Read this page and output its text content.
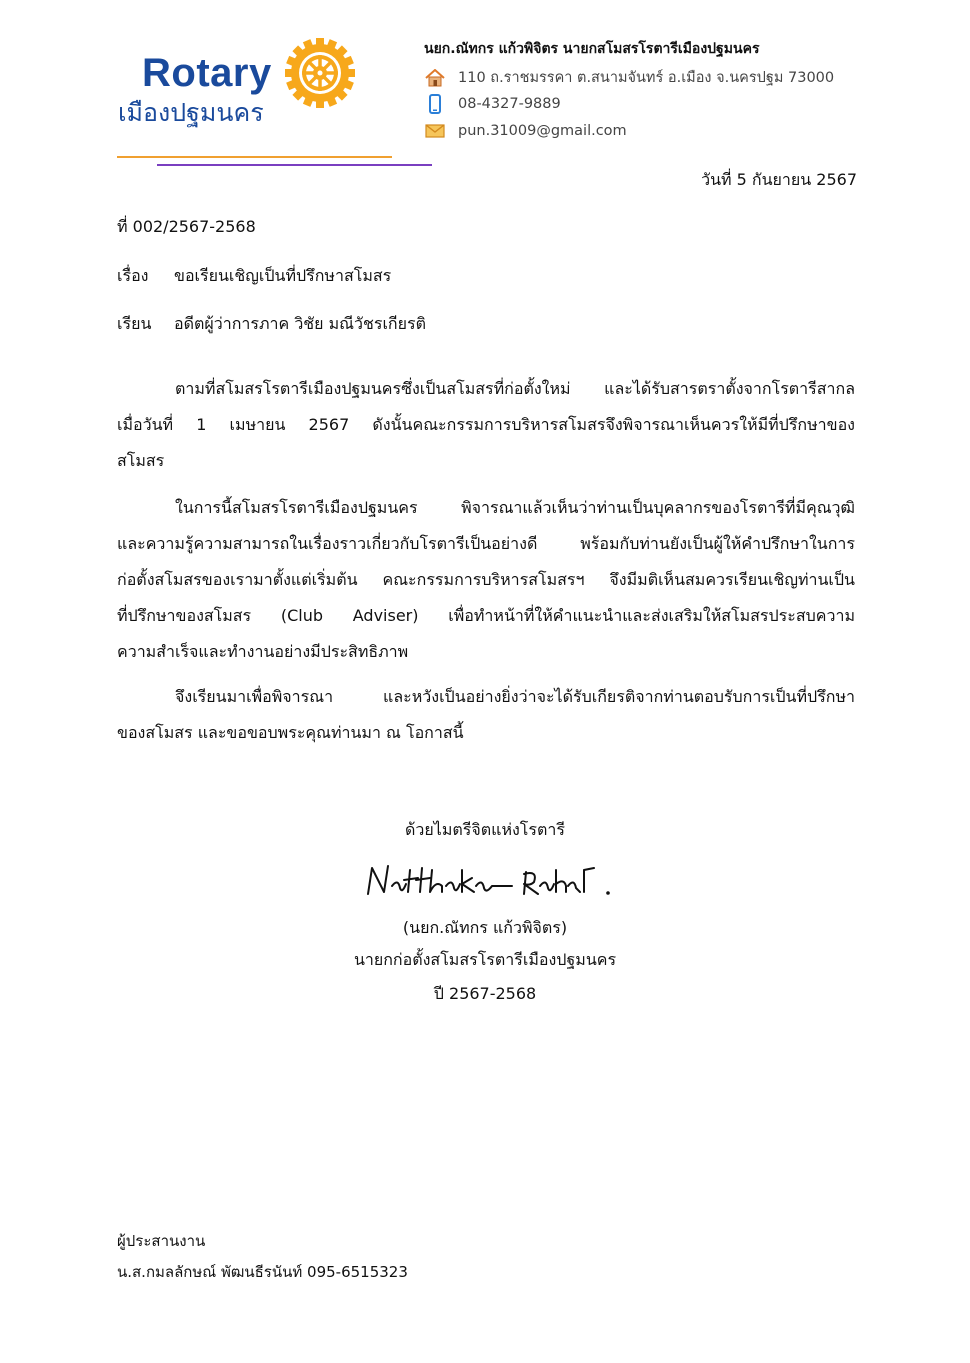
Rotary
เมืองปฐมนคร
นยก.ณัทกร แก้วพิจิตร นายกสโมสรโรตารีเมืองปฐมนคร
110 ถ.ราชมรรคา ต.สนามจันทร์ อ.เมือง จ.นครปฐม 73000
08-4327-9889
pun.31009@gmail.com
วันที่ 5 กันยายน 2567
ที่ 002/2567-2568
เรื่อง ขอเรียนเชิญเป็นที่ปรึกษาสโมสร
เรียน อดีตผู้ว่าการภาค วิชัย มณีวัชรเกียรติ
ตามที่สโมสรโรตารีเมืองปฐมนครซึ่งเป็นสโมสรที่ก่อตั้งใหม่ และได้รับสารตราตั้งจากโรตารีสากล
เมื่อวันที่ 1 เมษายน 2567 ดังนั้นคณะกรรมการบริหารสโมสรจึงพิจารณาเห็นควรให้มีที่ปรึกษาของ
สโมสร
ในการนี้สโมสรโรตารีเมืองปฐมนคร พิจารณาแล้วเห็นว่าท่านเป็นบุคลากรของโรตารีที่มีคุณวุฒิ
และความรู้ความสามารถในเรื่องราวเกี่ยวกับโรตารีเป็นอย่างดี พร้อมกับท่านยังเป็นผู้ให้คำปรึกษาในการ
ก่อตั้งสโมสรของเรามาตั้งแต่เริ่มต้น คณะกรรมการบริหารสโมสรฯ จึงมีมติเห็นสมควรเรียนเชิญท่านเป็น
ที่ปรึกษาของสโมสร (Club Adviser) เพื่อทำหน้าที่ให้คำแนะนำและส่งเสริมให้สโมสรประสบความ
ความสำเร็จและทำงานอย่างมีประสิทธิภาพ
จึงเรียนมาเพื่อพิจารณา และหวังเป็นอย่างยิ่งว่าจะได้รับเกียรติจากท่านตอบรับการเป็นที่ปรึกษา
ของสโมสร และขอขอบพระคุณท่านมา ณ โอกาสนี้
ด้วยไมตรีจิตแห่งโรตารี
(นยก.ณัทกร แก้วพิจิตร)
นายกก่อตั้งสโมสรโรตารีเมืองปฐมนคร
ปี 2567-2568
ผู้ประสานงาน
น.ส.กมลลักษณ์ พัฒนธีรนันท์ 095-6515323
